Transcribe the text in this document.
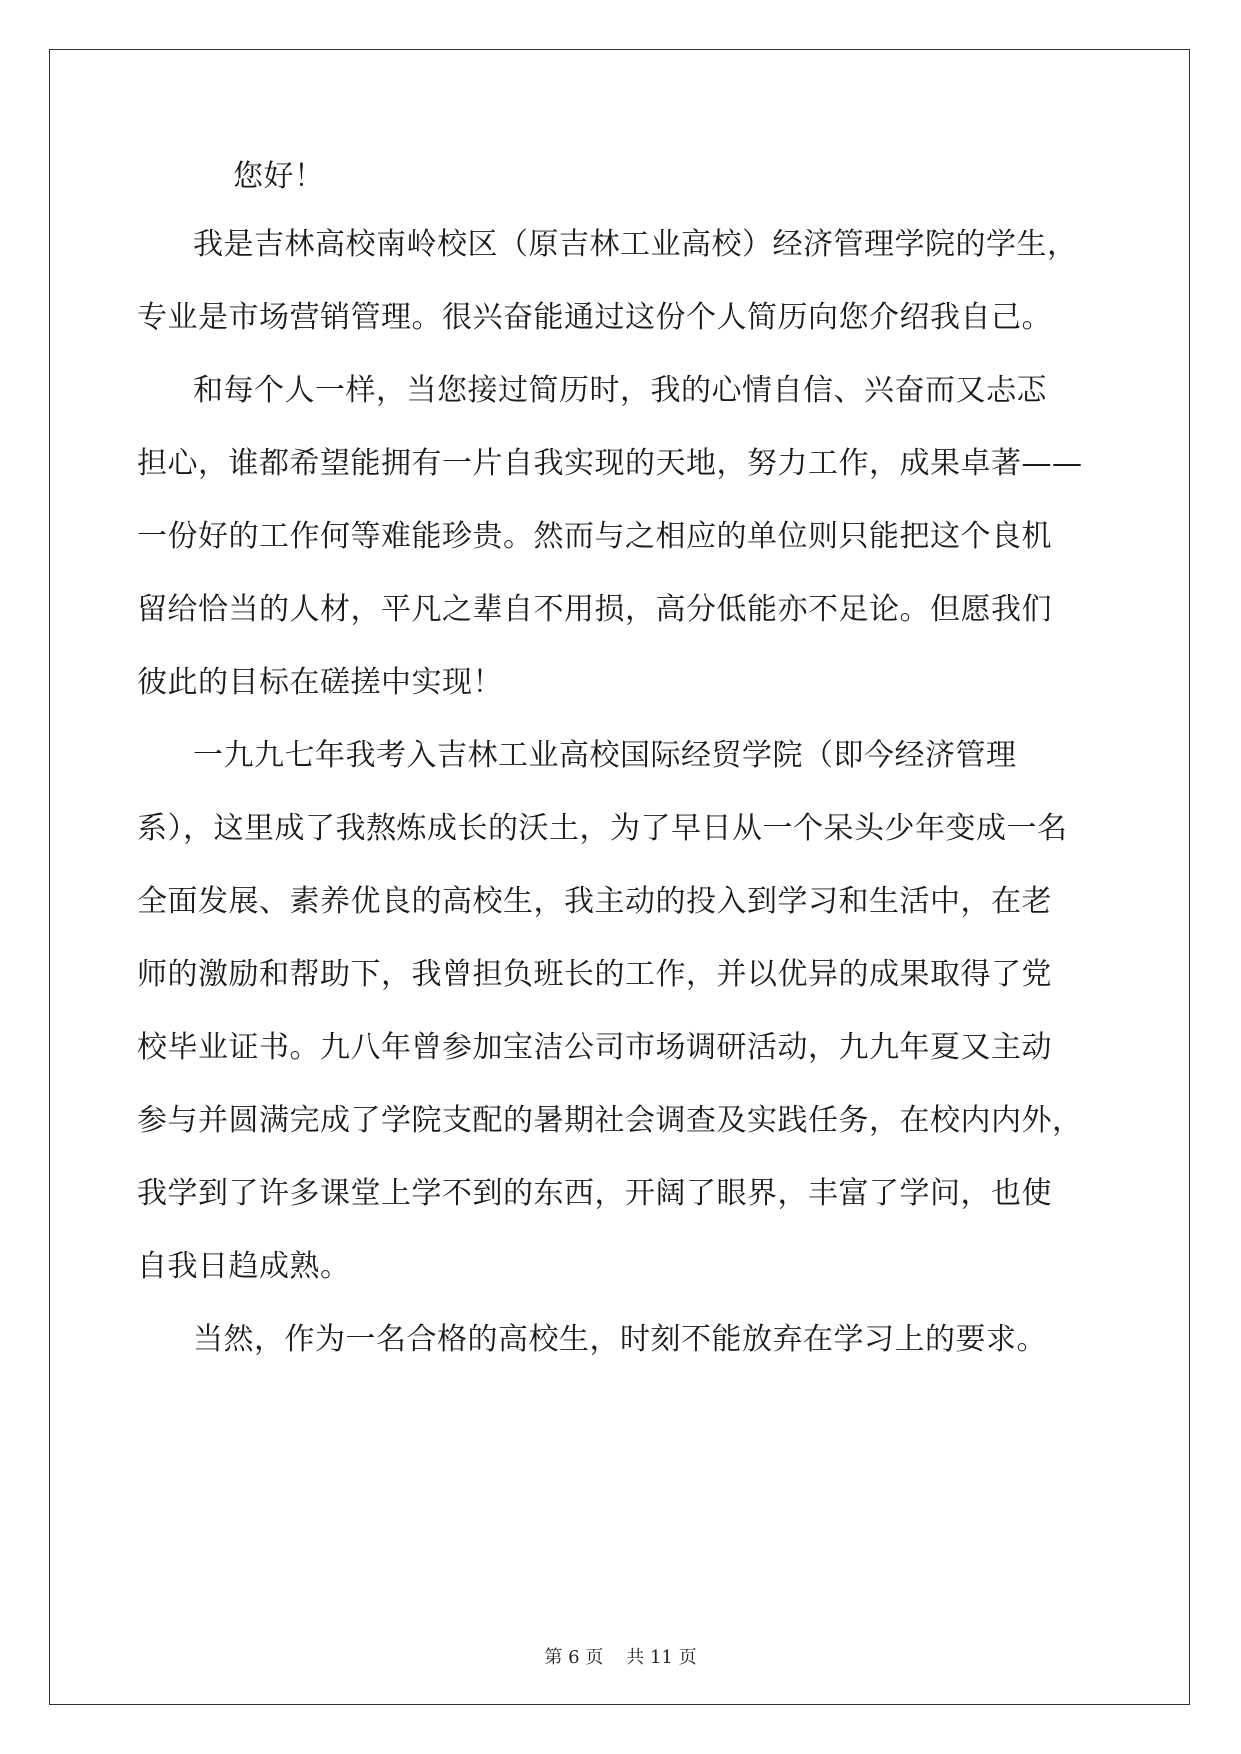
您好！
我是吉林高校南岭校区（原吉林工业高校）经济管理学院的学生，
专业是市场营销管理。很兴奋能通过这份个人简历向您介绍我自己。
和每个人一样，当您接过简历时，我的心情自信、兴奋而又忐忑
担心，谁都希望能拥有一片自我实现的天地，努力工作，成果卓著——
一份好的工作何等难能珍贵。然而与之相应的单位则只能把这个良机
留给恰当的人材，平凡之辈自不用损，高分低能亦不足论。但愿我们
彼此的目标在磋搓中实现！
一九九七年我考入吉林工业高校国际经贸学院（即今经济管理
系），这里成了我熬炼成长的沃土，为了早日从一个呆头少年变成一名
全面发展、素养优良的高校生，我主动的投入到学习和生活中，在老
师的激励和帮助下，我曾担负班长的工作，并以优异的成果取得了党
校毕业证书。九八年曾参加宝洁公司市场调研活动，九九年夏又主动
参与并圆满完成了学院支配的暑期社会调查及实践任务，在校内内外，
我学到了许多课堂上学不到的东西，开阔了眼界，丰富了学问，也使
自我日趋成熟。
当然，作为一名合格的高校生，时刻不能放弃在学习上的要求。
第 6 页 共 11 页
